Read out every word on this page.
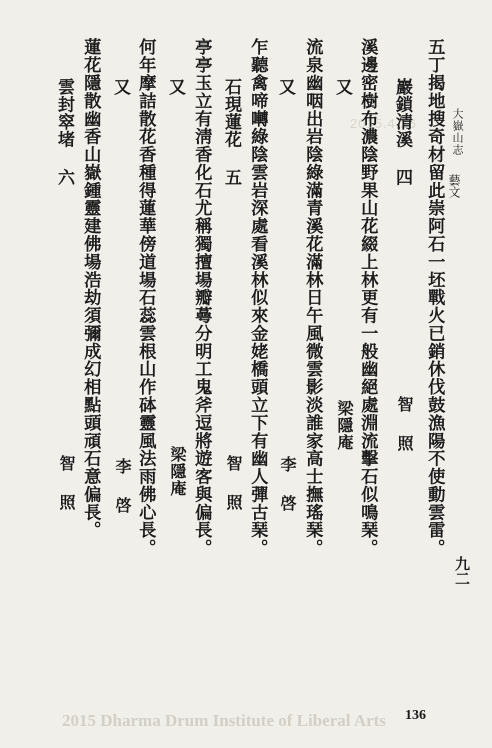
大嶽山志
藝文
2015.4.26 五丁揭地搜奇材留此崇阿石一坯戰火已銷休伐鼓漁陽不使動雲雷。
巖鎖清溪 四
智 照
溪邊密樹布濃陰野果山花綴上林更有一般幽絕處淵流擊石似鳴琹。
又
梁隱庵
流泉幽咽出岩陰綠滿青溪花滿林日午風微雲影淡誰家高士撫瑤琹。
又
李 啓
乍聽禽啼囀綠陰雲岩深處看溪林似來金姥橋頭立下有幽人彈古琹。
石現蓮花 五
智 照
亭亭玉立有淸香化石尤稱獨擅場瓣蕚分明工鬼斧逗將遊客與偏長。
又
梁隱庵
何年摩詰散花香種得蓮華傍道場石蕊雲根山作砵靈風法雨佛心長。
又
李 啓
蓮花隱散幽香山嶽鍾靈建佛場浩劫須彌成幻相點頭頑石意偏長。
雲封窣堵 六
智 照
九二
136
2015 Dharma Drum Institute of Liberal Arts
